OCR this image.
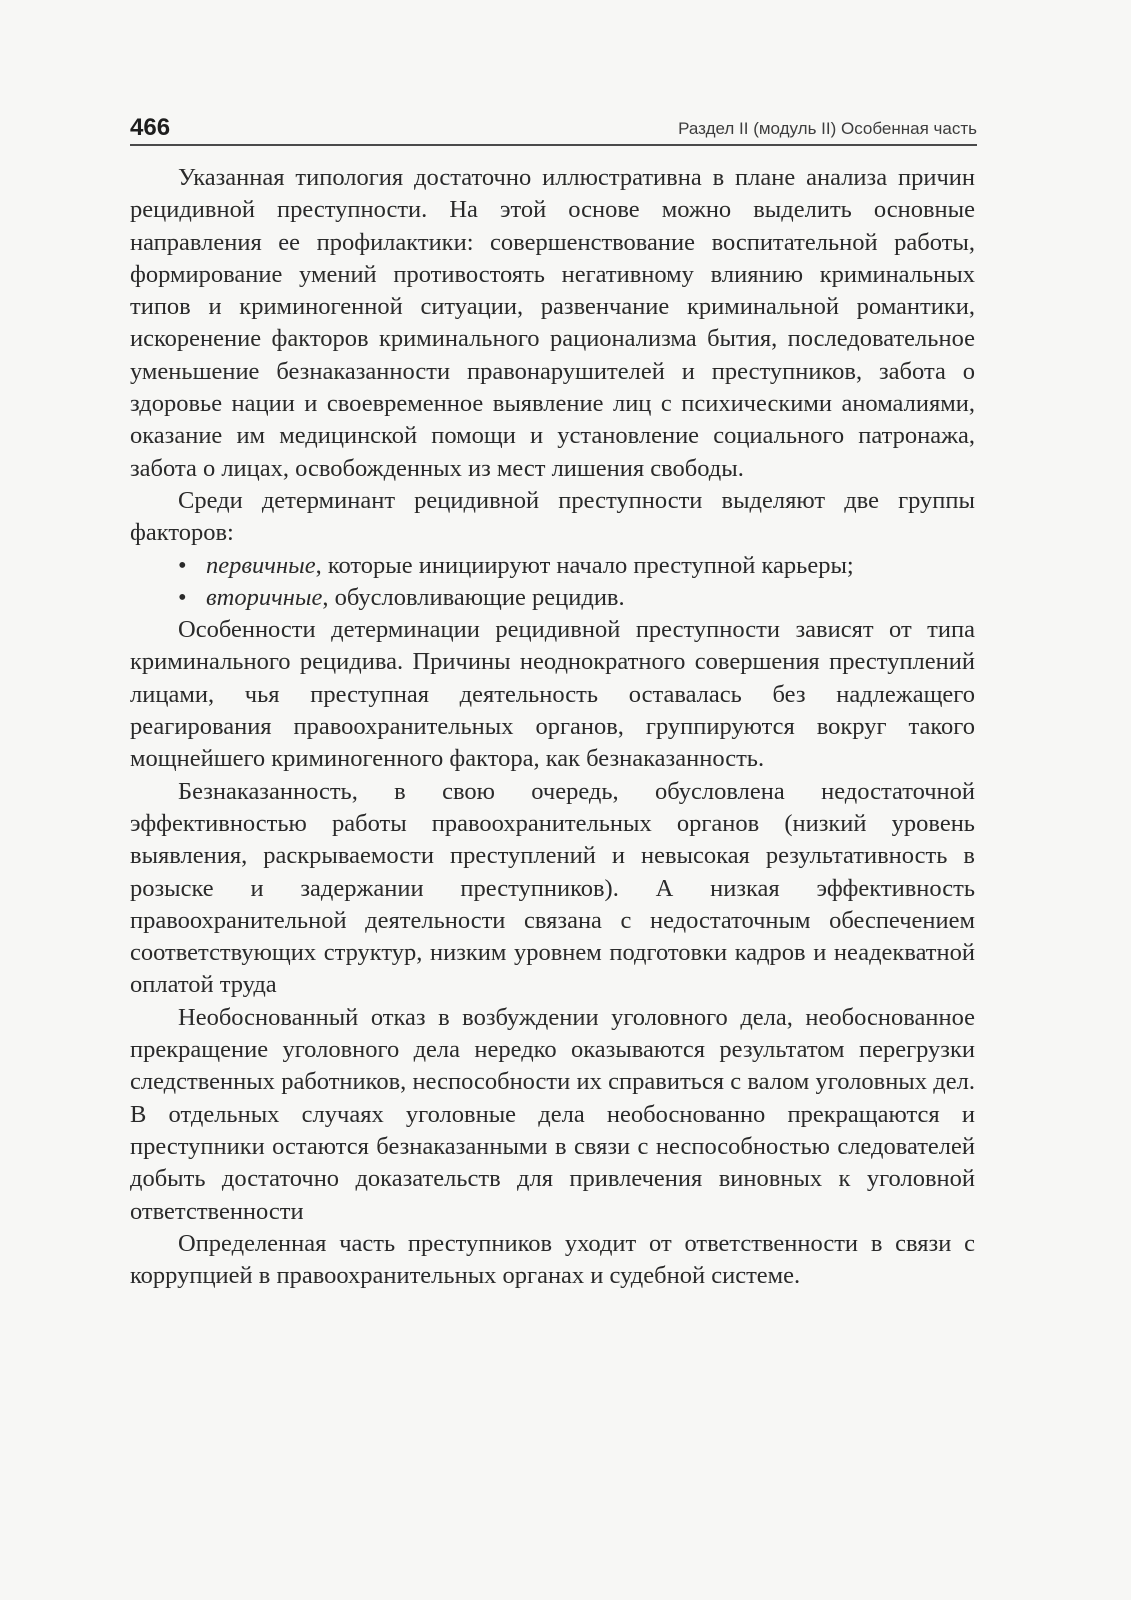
466	Раздел II (модуль II) Особенная часть

Указанная типология достаточно иллюстративна в плане анализа причин рецидивной преступности. На этой основе можно выделить основные направления ее профилактики: совершенствование воспитательной работы, формирование умений противостоять негативному влиянию криминальных типов и криминогенной ситуации, развенчание криминальной романтики, искоренение факторов криминального рационализма бытия, последовательное уменьшение безнаказанности правонарушителей и преступников, забота о здоровье нации и своевременное выявление лиц с психическими аномалиями, оказание им медицинской помощи и установление социального патронажа, забота о лицах, освобожденных из мест лишения свободы.

Среди детерминант рецидивной преступности выделяют две группы факторов:

• первичные, которые инициируют начало преступной карьеры;
• вторичные, обусловливающие рецидив.

Особенности детерминации рецидивной преступности зависят от типа криминального рецидива. Причины неоднократного совершения преступлений лицами, чья преступная деятельность оставалась без надлежащего реагирования правоохранительных органов, группируются вокруг такого мощнейшего криминогенного фактора, как безнаказанность.

Безнаказанность, в свою очередь, обусловлена недостаточной эффективностью работы правоохранительных органов (низкий уровень выявления, раскрываемости преступлений и невысокая результативность в розыске и задержании преступников). А низкая эффективность правоохранительной деятельности связана с недостаточным обеспечением соответствующих структур, низким уровнем подготовки кадров и неадекватной оплатой труда

Необоснованный отказ в возбуждении уголовного дела, необоснованное прекращение уголовного дела нередко оказываются результатом перегрузки следственных работников, неспособности их справиться с валом уголовных дел. В отдельных случаях уголовные дела необоснованно прекращаются и преступники остаются безнаказанными в связи с неспособностью следователей добыть достаточно доказательств для привлечения виновных к уголовной ответственности

Определенная часть преступников уходит от ответственности в связи с коррупцией в правоохранительных органах и судебной системе.
